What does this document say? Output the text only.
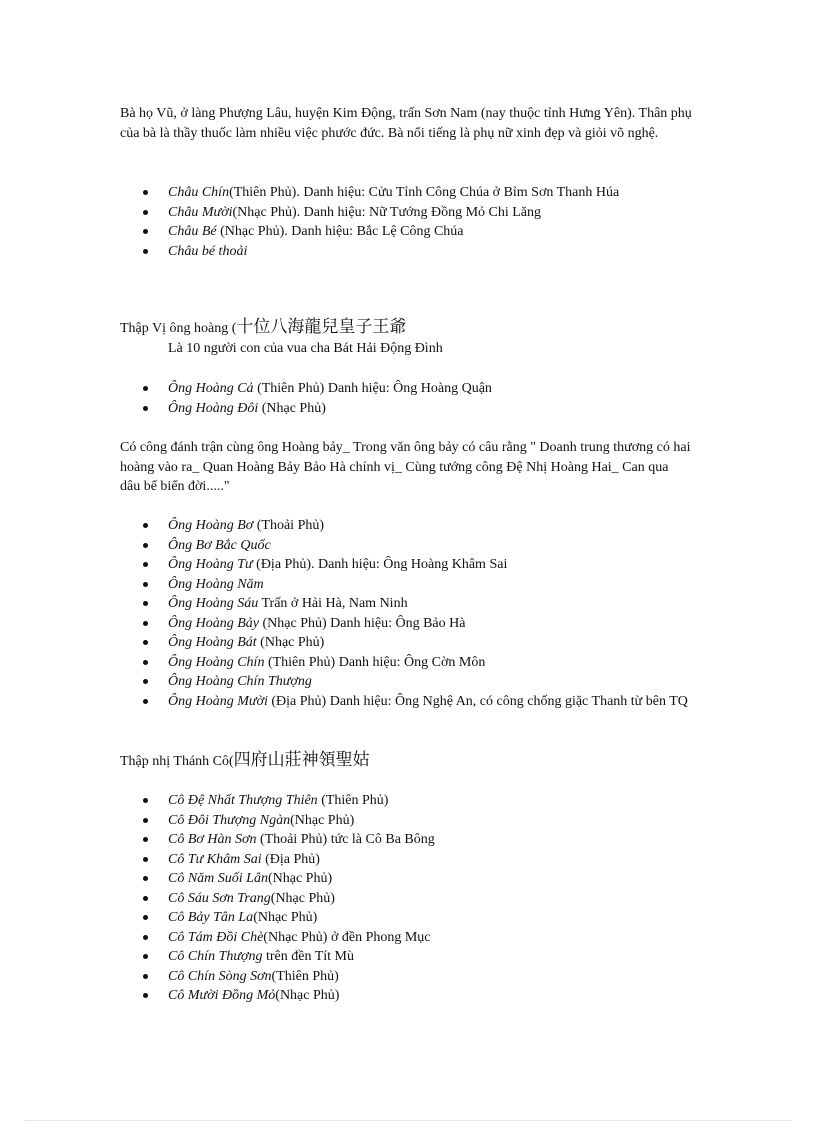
Bà họ Vũ, ở làng Phượng Lâu, huyện Kim Động, trấn Sơn Nam (nay thuộc tỉnh Hưng Yên). Thân phụ của bà là thầy thuốc làm nhiều việc phước đức. Bà nổi tiếng là phụ nữ xinh đẹp và giỏi võ nghệ.

Châu Chín(Thiên Phủ). Danh hiệu: Cửu Tỉnh Công Chúa ở Bỉm Sơn Thanh Húa
Châu Mười(Nhạc Phủ). Danh hiệu: Nữ Tướng Đồng Mỏ Chi Lăng
Châu Bé (Nhạc Phủ). Danh hiệu: Bắc Lệ Công Chúa
Châu bé thoải

Thập Vị ông hoàng (十位八海龍兒皇子王爺

Là 10 người con của vua cha Bát Hải Động Đình

Ông Hoàng Cả (Thiên Phủ) Danh hiệu: Ông Hoàng Quận
Ông Hoàng Đôi (Nhạc Phủ)

Có công đánh trận cùng ông Hoàng bảy_ Trong văn ông bảy có câu rằng " Doanh trung thương có hai hoàng vào ra_ Quan Hoàng Bảy Bảo Hà chính vị_ Cùng tướng công Đệ Nhị Hoàng Hai_ Can qua dâu bể biển đời....."

Ông Hoàng Bơ (Thoải Phủ)
Ông Bơ Bắc Quốc
Ông Hoàng Tư (Địa Phủ). Danh hiệu: Ông Hoàng Khâm Sai
Ông Hoàng Năm
Ông Hoàng Sáu Trấn ở Hải Hà, Nam Ninh
Ông Hoàng Bảy (Nhạc Phủ) Danh hiệu: Ông Bảo Hà
Ông Hoàng Bát (Nhạc Phủ)
Ông Hoàng Chín (Thiên Phủ) Danh hiệu: Ông Cờn Môn
Ông Hoàng Chín Thượng
Ông Hoàng Mười (Địa Phủ) Danh hiệu: Ông Nghệ An, có công chống giặc Thanh từ bên TQ

Thập nhị Thánh Cô(四府山莊神領聖姑

Cô Đệ Nhất Thượng Thiên (Thiên Phủ)
Cô Đôi Thượng Ngàn(Nhạc Phủ)
Cô Bơ Hàn Sơn (Thoải Phủ) tức là Cô Ba Bông
Cô Tư Khâm Sai (Địa Phủ)
Cô Năm Suối Lân(Nhạc Phủ)
Cô Sáu Sơn Trang(Nhạc Phủ)
Cô Bảy Tân La(Nhạc Phủ)
Cô Tám Đồi Chè(Nhạc Phủ) ở đền Phong Mục
Cô Chín Thượng trên đền Tít Mù
Cô Chín Sòng Sơn(Thiên Phủ)
Cô Mười Đồng Mỏ(Nhạc Phủ)
